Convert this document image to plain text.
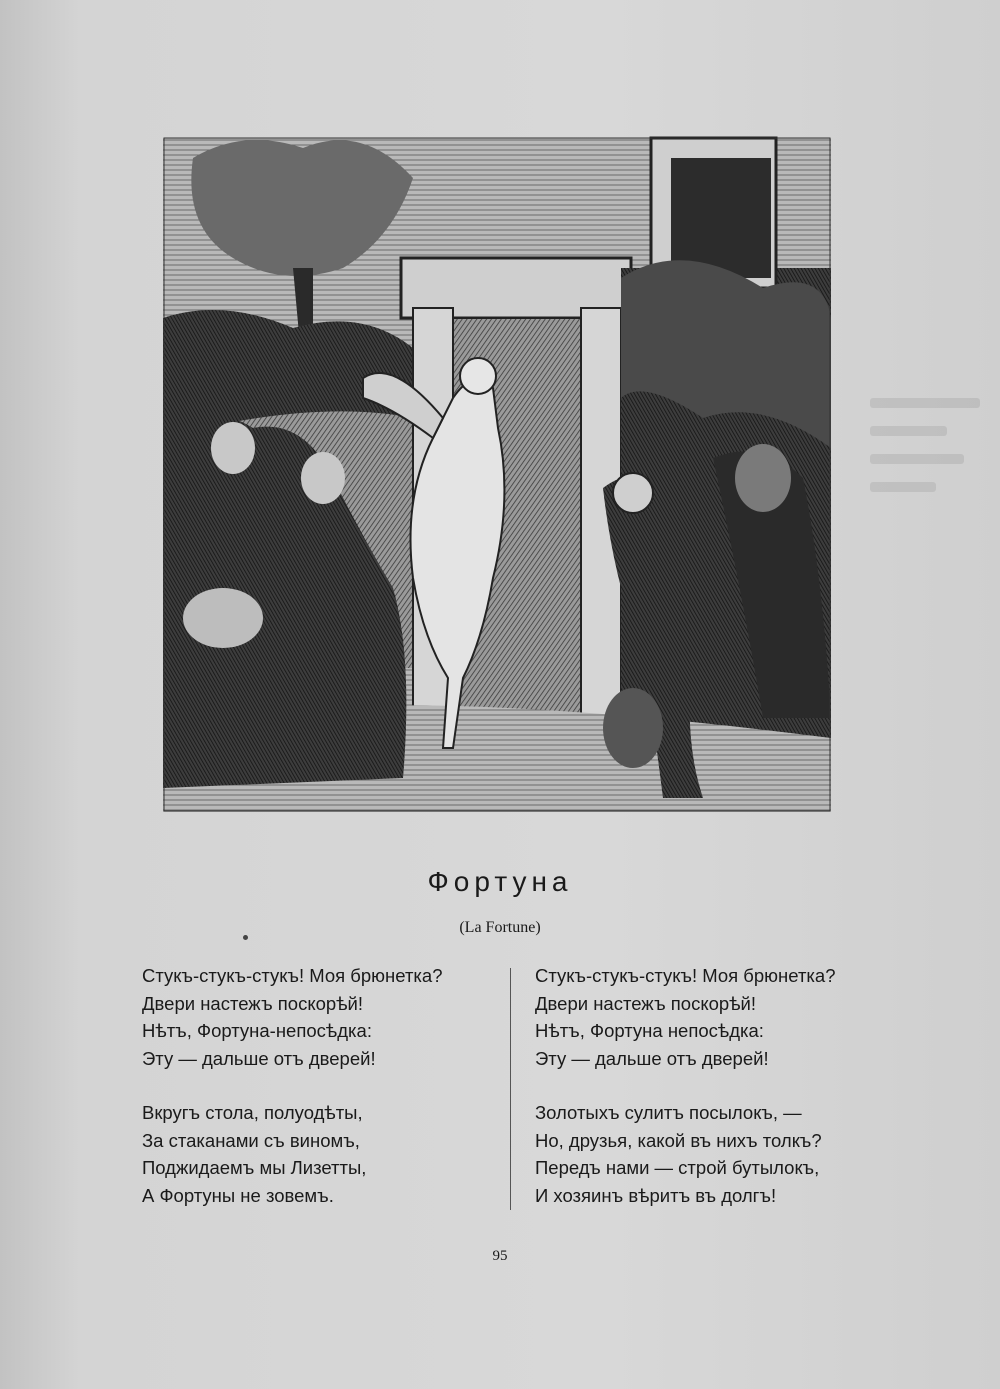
Фортуна
(La Fortune)
Стукъ-стукъ-стукъ! Моя брюнетка?
Двери настежъ поскорѣй!
Нѣтъ, Фортуна-непосѣдка:
Эту — дальше отъ дверей!
Вкругъ стола, полуодѣты,
За стаканами съ виномъ,
Поджидаемъ мы Лизетты,
А Фортуны не зовемъ.
Стукъ-стукъ-стукъ! Моя брюнетка?
Двери настежъ поскорѣй!
Нѣтъ, Фортуна непосѣдка:
Эту — дальше отъ дверей!
Золотыхъ сулитъ посылокъ, —
Но, друзья, какой въ нихъ толкъ?
Передъ нами — строй бутылокъ,
И хозяинъ вѣритъ въ долгъ!
95
